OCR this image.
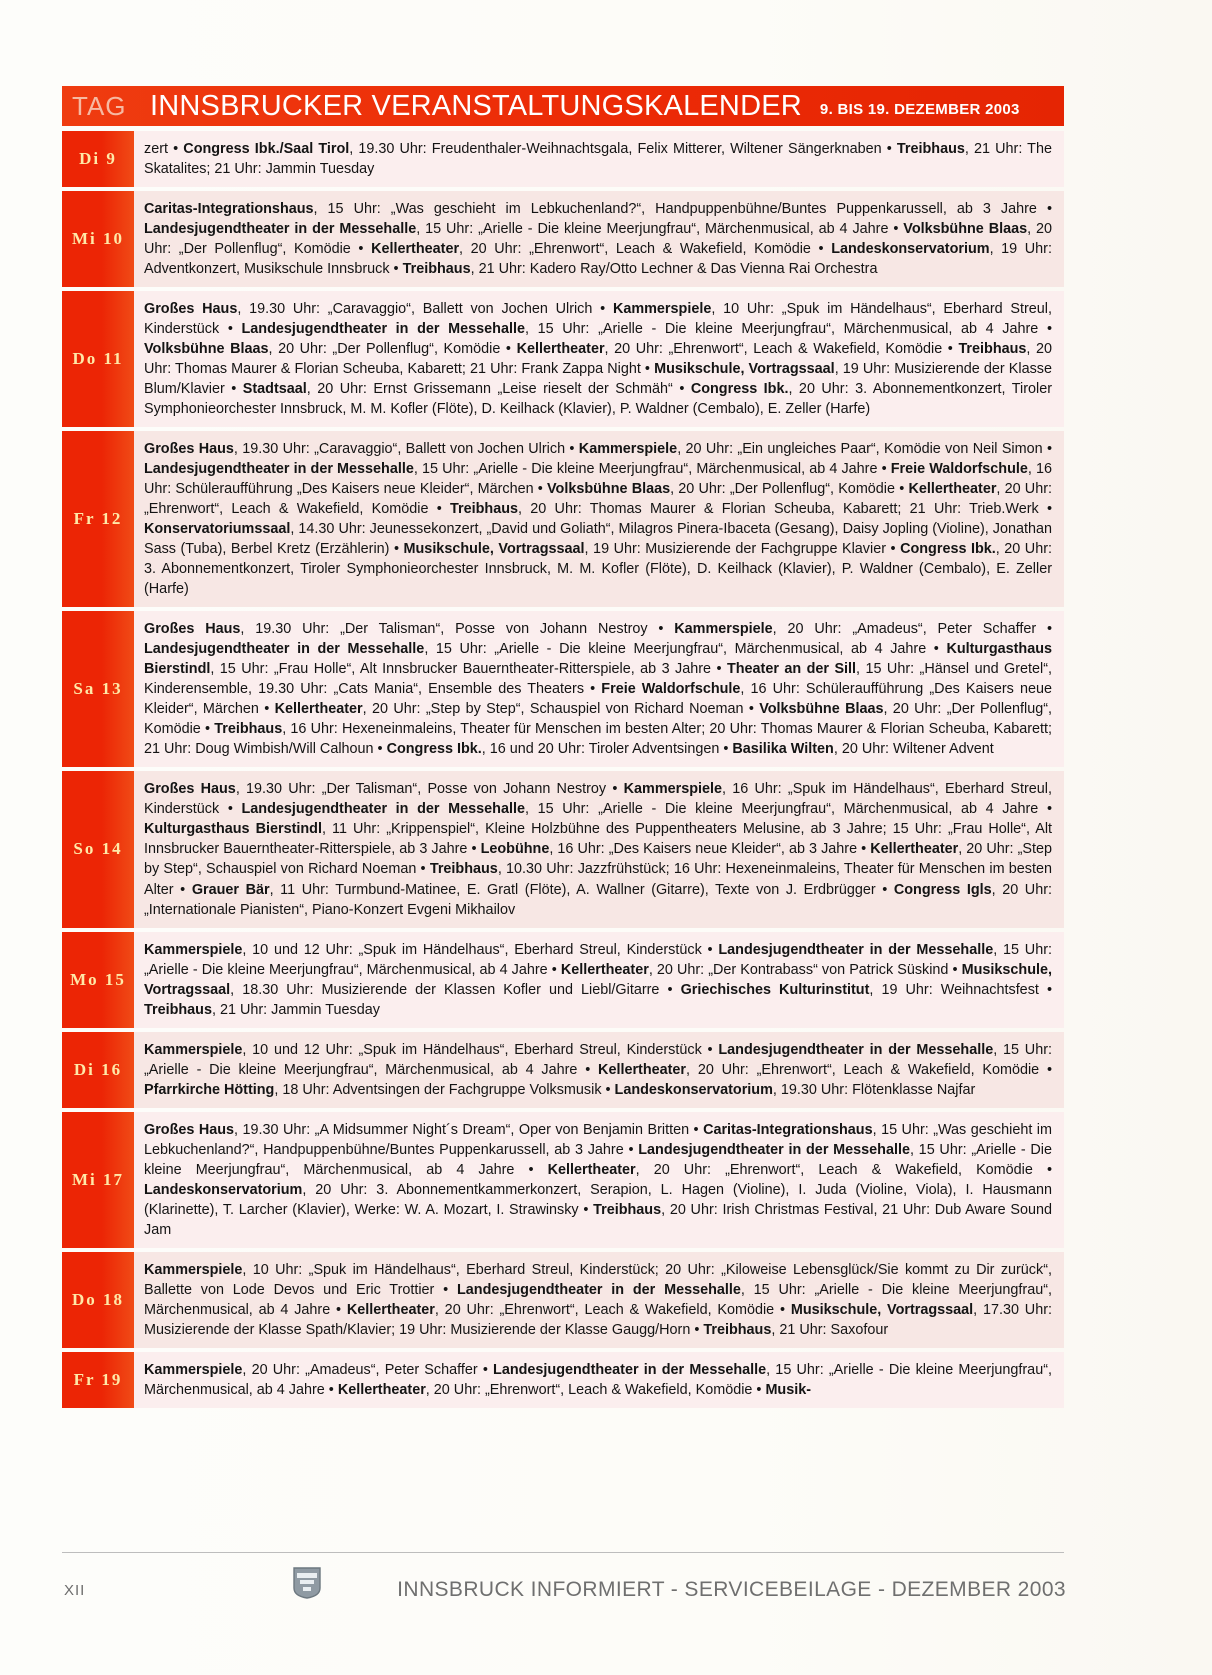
TAG INNSBRUCKER VERANSTALTUNGSKALENDER 9. BIS 19. DEZEMBER 2003
Di 9
zert • Congress Ibk./Saal Tirol, 19.30 Uhr: Freudenthaler-Weihnachtsgala, Felix Mitterer, Wiltener Sängerknaben • Treibhaus, 21 Uhr: The Skatalites; 21 Uhr: Jammin Tuesday
Mi 10
Caritas-Integrationshaus, 15 Uhr: „Was geschieht im Lebkuchenland?“, Handpuppenbühne/Buntes Puppenkarussell, ab 3 Jahre • Landesjugendtheater in der Messehalle, 15 Uhr: „Arielle - Die kleine Meerjungfrau“, Märchenmusical, ab 4 Jahre • Volksbühne Blaas, 20 Uhr: „Der Pollenflug“, Komödie • Kellertheater, 20 Uhr: „Ehrenwort“, Leach & Wakefield, Komödie • Landeskonservatorium, 19 Uhr: Adventkonzert, Musikschule Innsbruck • Treibhaus, 21 Uhr: Kadero Ray/Otto Lechner & Das Vienna Rai Orchestra
Do 11
Großes Haus, 19.30 Uhr: „Caravaggio“, Ballett von Jochen Ulrich • Kammerspiele, 10 Uhr: „Spuk im Händelhaus“, Eberhard Streul, Kinderstück • Landesjugendtheater in der Messehalle, 15 Uhr: „Arielle - Die kleine Meerjungfrau“, Märchenmusical, ab 4 Jahre • Volksbühne Blaas, 20 Uhr: „Der Pollenflug“, Komödie • Kellertheater, 20 Uhr: „Ehrenwort“, Leach & Wakefield, Komödie • Treibhaus, 20 Uhr: Thomas Maurer & Florian Scheuba, Kabarett; 21 Uhr: Frank Zappa Night • Musikschule, Vortragssaal, 19 Uhr: Musizierende der Klasse Blum/Klavier • Stadtsaal, 20 Uhr: Ernst Grissemann „Leise rieselt der Schmäh“ • Congress Ibk., 20 Uhr: 3. Abonnementkonzert, Tiroler Symphonieorchester Innsbruck, M. M. Kofler (Flöte), D. Keilhack (Klavier), P. Waldner (Cembalo), E. Zeller (Harfe)
Fr 12
Großes Haus, 19.30 Uhr: „Caravaggio“, Ballett von Jochen Ulrich • Kammerspiele, 20 Uhr: „Ein ungleiches Paar“, Komödie von Neil Simon • Landesjugendtheater in der Messehalle, 15 Uhr: „Arielle - Die kleine Meerjungfrau“, Märchenmusical, ab 4 Jahre • Freie Waldorfschule, 16 Uhr: Schüleraufführung „Des Kaisers neue Kleider“, Märchen • Volksbühne Blaas, 20 Uhr: „Der Pollenflug“, Komödie • Kellertheater, 20 Uhr: „Ehrenwort“, Leach & Wakefield, Komödie • Treibhaus, 20 Uhr: Thomas Maurer & Florian Scheuba, Kabarett; 21 Uhr: Trieb.Werk • Konservatoriumssaal, 14.30 Uhr: Jeunessekonzert, „David und Goliath“, Milagros Pinera-Ibaceta (Gesang), Daisy Jopling (Violine), Jonathan Sass (Tuba), Berbel Kretz (Erzählerin) • Musikschule, Vortragssaal, 19 Uhr: Musizierende der Fachgruppe Klavier • Congress Ibk., 20 Uhr: 3. Abonnementkonzert, Tiroler Symphonieorchester Innsbruck, M. M. Kofler (Flöte), D. Keilhack (Klavier), P. Waldner (Cembalo), E. Zeller (Harfe)
Sa 13
Großes Haus, 19.30 Uhr: „Der Talisman“, Posse von Johann Nestroy • Kammerspiele, 20 Uhr: „Amadeus“, Peter Schaffer • Landesjugendtheater in der Messehalle, 15 Uhr: „Arielle - Die kleine Meerjungfrau“, Märchenmusical, ab 4 Jahre • Kulturgasthaus Bierstindl, 15 Uhr: „Frau Holle“, Alt Innsbrucker Bauerntheater-Ritterspiele, ab 3 Jahre • Theater an der Sill, 15 Uhr: „Hänsel und Gretel“, Kinderensemble, 19.30 Uhr: „Cats Mania“, Ensemble des Theaters • Freie Waldorfschule, 16 Uhr: Schüleraufführung „Des Kaisers neue Kleider“, Märchen • Kellertheater, 20 Uhr: „Step by Step“, Schauspiel von Richard Noeman • Volksbühne Blaas, 20 Uhr: „Der Pollenflug“, Komödie • Treibhaus, 16 Uhr: Hexeneinmaleins, Theater für Menschen im besten Alter; 20 Uhr: Thomas Maurer & Florian Scheuba, Kabarett; 21 Uhr: Doug Wimbish/Will Calhoun • Congress Ibk., 16 und 20 Uhr: Tiroler Adventsingen • Basilika Wilten, 20 Uhr: Wiltener Advent
So 14
Großes Haus, 19.30 Uhr: „Der Talisman“, Posse von Johann Nestroy • Kammerspiele, 16 Uhr: „Spuk im Händelhaus“, Eberhard Streul, Kinderstück • Landesjugendtheater in der Messehalle, 15 Uhr: „Arielle - Die kleine Meerjungfrau“, Märchenmusical, ab 4 Jahre • Kulturgasthaus Bierstindl, 11 Uhr: „Krippenspiel“, Kleine Holzbühne des Puppentheaters Melusine, ab 3 Jahre; 15 Uhr: „Frau Holle“, Alt Innsbrucker Bauerntheater-Ritterspiele, ab 3 Jahre • Leobühne, 16 Uhr: „Des Kaisers neue Kleider“, ab 3 Jahre • Kellertheater, 20 Uhr: „Step by Step“, Schauspiel von Richard Noeman • Treibhaus, 10.30 Uhr: Jazzfrühstück; 16 Uhr: Hexeneinmaleins, Theater für Menschen im besten Alter • Grauer Bär, 11 Uhr: Turmbund-Matinee, E. Gratl (Flöte), A. Wallner (Gitarre), Texte von J. Erdbrügger • Congress Igls, 20 Uhr: „Internationale Pianisten“, Piano-Konzert Evgeni Mikhailov
Mo 15
Kammerspiele, 10 und 12 Uhr: „Spuk im Händelhaus“, Eberhard Streul, Kinderstück • Landesjugendtheater in der Messehalle, 15 Uhr: „Arielle - Die kleine Meerjungfrau“, Märchenmusical, ab 4 Jahre • Kellertheater, 20 Uhr: „Der Kontrabass“ von Patrick Süskind • Musikschule, Vortragssaal, 18.30 Uhr: Musizierende der Klassen Kofler und Liebl/Gitarre • Griechisches Kulturinstitut, 19 Uhr: Weihnachtsfest • Treibhaus, 21 Uhr: Jammin Tuesday
Di 16
Kammerspiele, 10 und 12 Uhr: „Spuk im Händelhaus“, Eberhard Streul, Kinderstück • Landesjugendtheater in der Messehalle, 15 Uhr: „Arielle - Die kleine Meerjungfrau“, Märchenmusical, ab 4 Jahre • Kellertheater, 20 Uhr: „Ehrenwort“, Leach & Wakefield, Komödie • Pfarrkirche Hötting, 18 Uhr: Adventsingen der Fachgruppe Volksmusik • Landeskonservatorium, 19.30 Uhr: Flötenklasse Najfar
Mi 17
Großes Haus, 19.30 Uhr: „A Midsummer Night´s Dream“, Oper von Benjamin Britten • Caritas-Integrationshaus, 15 Uhr: „Was geschieht im Lebkuchenland?“, Handpuppenbühne/Buntes Puppenkarussell, ab 3 Jahre • Landesjugendtheater in der Messehalle, 15 Uhr: „Arielle - Die kleine Meerjungfrau“, Märchenmusical, ab 4 Jahre • Kellertheater, 20 Uhr: „Ehrenwort“, Leach & Wakefield, Komödie • Landeskonservatorium, 20 Uhr: 3. Abonnementkammerkonzert, Serapion, L. Hagen (Violine), I. Juda (Violine, Viola), I. Hausmann (Klarinette), T. Larcher (Klavier), Werke: W. A. Mozart, I. Strawinsky • Treibhaus, 20 Uhr: Irish Christmas Festival, 21 Uhr: Dub Aware Sound Jam
Do 18
Kammerspiele, 10 Uhr: „Spuk im Händelhaus“, Eberhard Streul, Kinderstück; 20 Uhr: „Kiloweise Lebensglück/Sie kommt zu Dir zurück“, Ballette von Lode Devos und Eric Trottier • Landesjugendtheater in der Messehalle, 15 Uhr: „Arielle - Die kleine Meerjungfrau“, Märchenmusical, ab 4 Jahre • Kellertheater, 20 Uhr: „Ehrenwort“, Leach & Wakefield, Komödie • Musikschule, Vortragssaal, 17.30 Uhr: Musizierende der Klasse Spath/Klavier; 19 Uhr: Musizierende der Klasse Gaugg/Horn • Treibhaus, 21 Uhr: Saxofour
Fr 19
Kammerspiele, 20 Uhr: „Amadeus“, Peter Schaffer • Landesjugendtheater in der Messehalle, 15 Uhr: „Arielle - Die kleine Meerjungfrau“, Märchenmusical, ab 4 Jahre • Kellertheater, 20 Uhr: „Ehrenwort“, Leach & Wakefield, Komödie • Musik-
XII	INNSBRUCK INFORMIERT - SERVICEBEILAGE - DEZEMBER 2003
